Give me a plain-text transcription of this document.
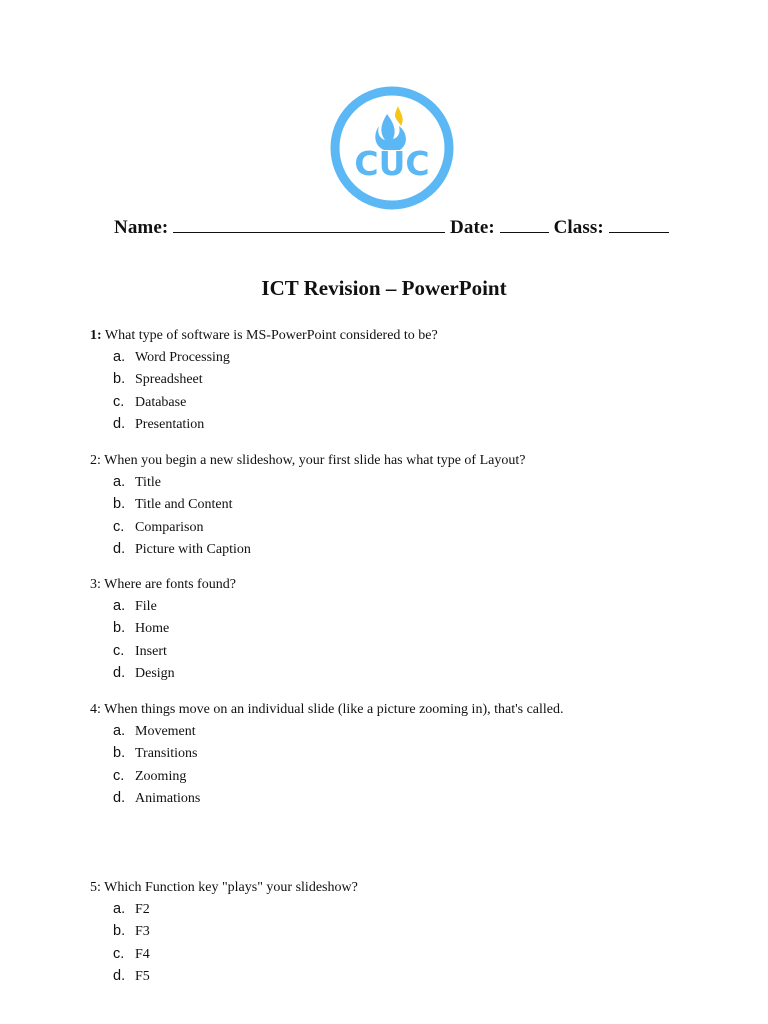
CUC
Name:	Date:	Class:
ICT Revision – PowerPoint
1: What type of software is MS-PowerPoint considered to be?
a. Word Processing
b. Spreadsheet
c. Database
d. Presentation
2: When you begin a new slideshow, your first slide has what type of Layout?
a. Title
b. Title and Content
c. Comparison
d. Picture with Caption
3: Where are fonts found?
a. File
b. Home
c. Insert
d. Design
4: When things move on an individual slide (like a picture zooming in), that's called.
a. Movement
b. Transitions
c. Zooming
d. Animations
5: Which Function key "plays" your slideshow?
a. F2
b. F3
c. F4
d. F5
